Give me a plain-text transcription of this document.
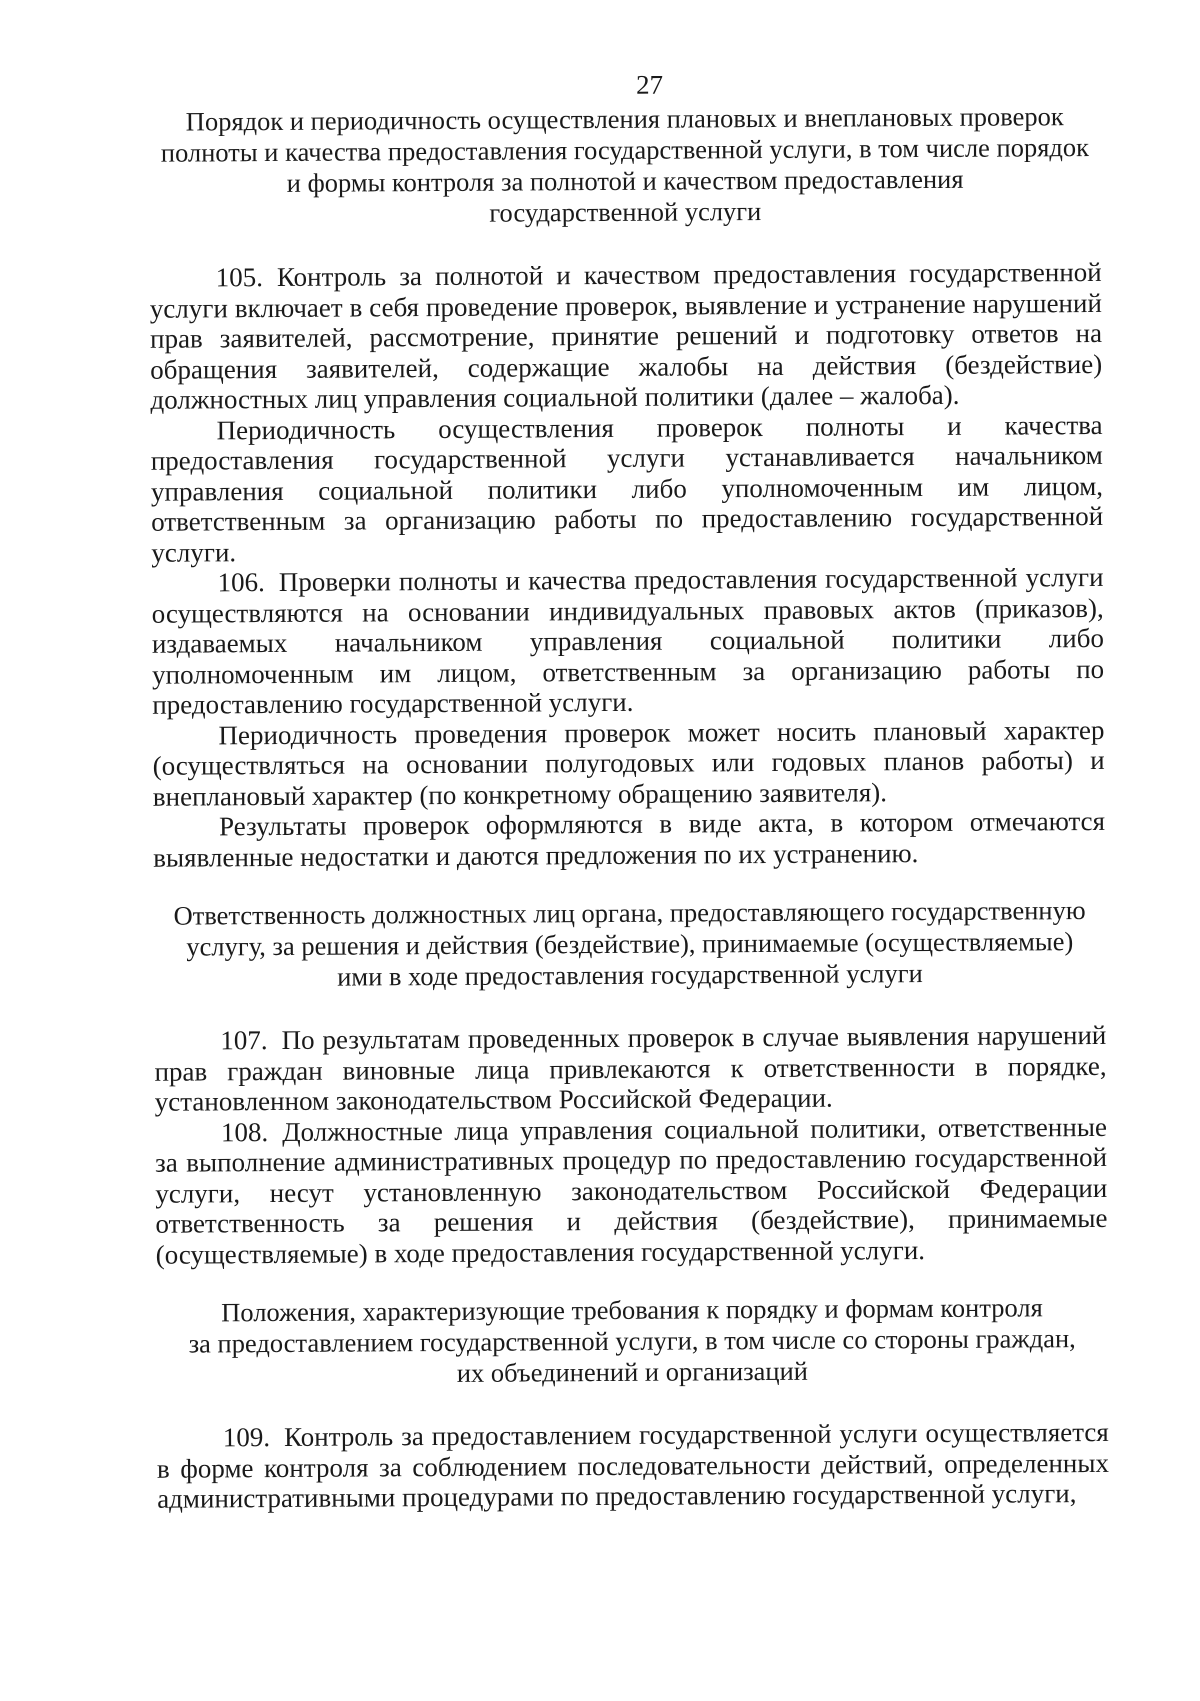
27
Порядок и периодичность осуществления плановых и внеплановых проверок
полноты и качества предоставления государственной услуги, в том числе порядок
и формы контроля за полнотой и качеством предоставления
государственной услуги

105. Контроль за полнотой и качеством предоставления государственной услуги включает в себя проведение проверок, выявление и устранение нарушений прав заявителей, рассмотрение, принятие решений и подготовку ответов на обращения заявителей, содержащие жалобы на действия (бездействие) должностных лиц управления социальной политики (далее – жалоба).

Периодичность осуществления проверок полноты и качества предоставления государственной услуги устанавливается начальником управления социальной политики либо уполномоченным им лицом, ответственным за организацию работы по предоставлению государственной услуги.

106. Проверки полноты и качества предоставления государственной услуги осуществляются на основании индивидуальных правовых актов (приказов), издаваемых начальником управления социальной политики либо уполномоченным им лицом, ответственным за организацию работы по предоставлению государственной услуги.

Периодичность проведения проверок может носить плановый характер (осуществляться на основании полугодовых или годовых планов работы) и внеплановый характер (по конкретному обращению заявителя).

Результаты проверок оформляются в виде акта, в котором отмечаются выявленные недостатки и даются предложения по их устранению.

Ответственность должностных лиц органа, предоставляющего государственную
услугу, за решения и действия (бездействие), принимаемые (осуществляемые)
ими в ходе предоставления государственной услуги

107. По результатам проведенных проверок в случае выявления нарушений прав граждан виновные лица привлекаются к ответственности в порядке, установленном законодательством Российской Федерации.

108. Должностные лица управления социальной политики, ответственные за выполнение административных процедур по предоставлению государственной услуги, несут установленную законодательством Российской Федерации ответственность за решения и действия (бездействие), принимаемые (осуществляемые) в ходе предоставления государственной услуги.

Положения, характеризующие требования к порядку и формам контроля
за предоставлением государственной услуги, в том числе со стороны граждан,
их объединений и организаций

109. Контроль за предоставлением государственной услуги осуществляется в форме контроля за соблюдением последовательности действий, определенных административными процедурами по предоставлению государственной услуги,
